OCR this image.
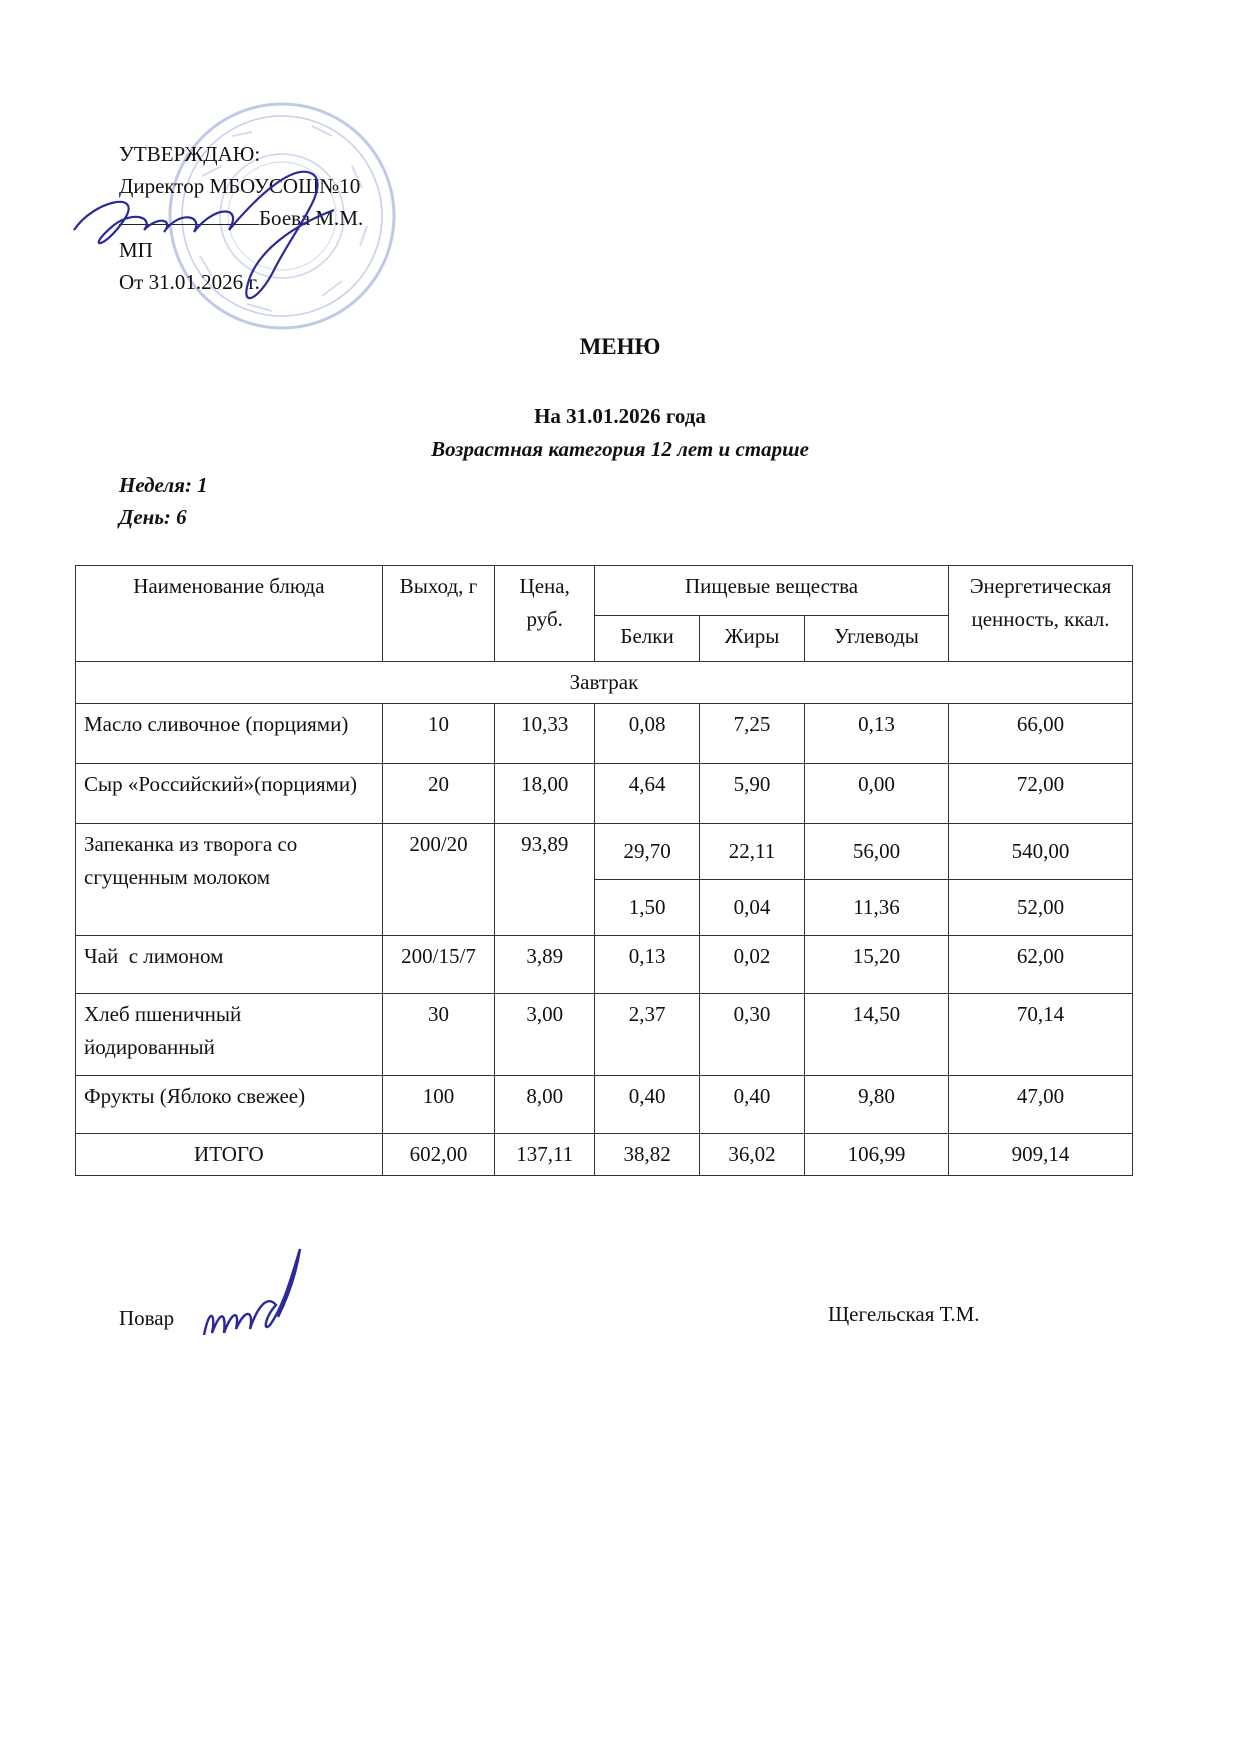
УТВЕРЖДАЮ:
Директор МБОУСОШ№10
Боева М.М.
МП
От 31.01.2026 г.
МЕНЮ
На 31.01.2026 года
Возрастная категория 12 лет и старше
Неделя: 1
День: 6
Наименование блюда	Выход, г	Цена, руб.	Пищевые вещества			Энергетическая ценность, ккал.
			Белки	Жиры	Углеводы	
Завтрак						
Масло сливочное (порциями)	10	10,33	0,08	7,25	0,13	66,00
Сыр «Российский»(порциями)	20	18,00	4,64	5,90	0,00	72,00
Запеканка из творога со сгущенным молоком	200/20	93,89	29,70	22,11	56,00	540,00
			1,50	0,04	11,36	52,00
Чай  с лимоном	200/15/7	3,89	0,13	0,02	15,20	62,00
Хлеб пшеничный йодированный	30	3,00	2,37	0,30	14,50	70,14
Фрукты (Яблоко свежее)	100	8,00	0,40	0,40	9,80	47,00
ИТОГО	602,00	137,11	38,82	36,02	106,99	909,14
Повар	Щегельская Т.М.
